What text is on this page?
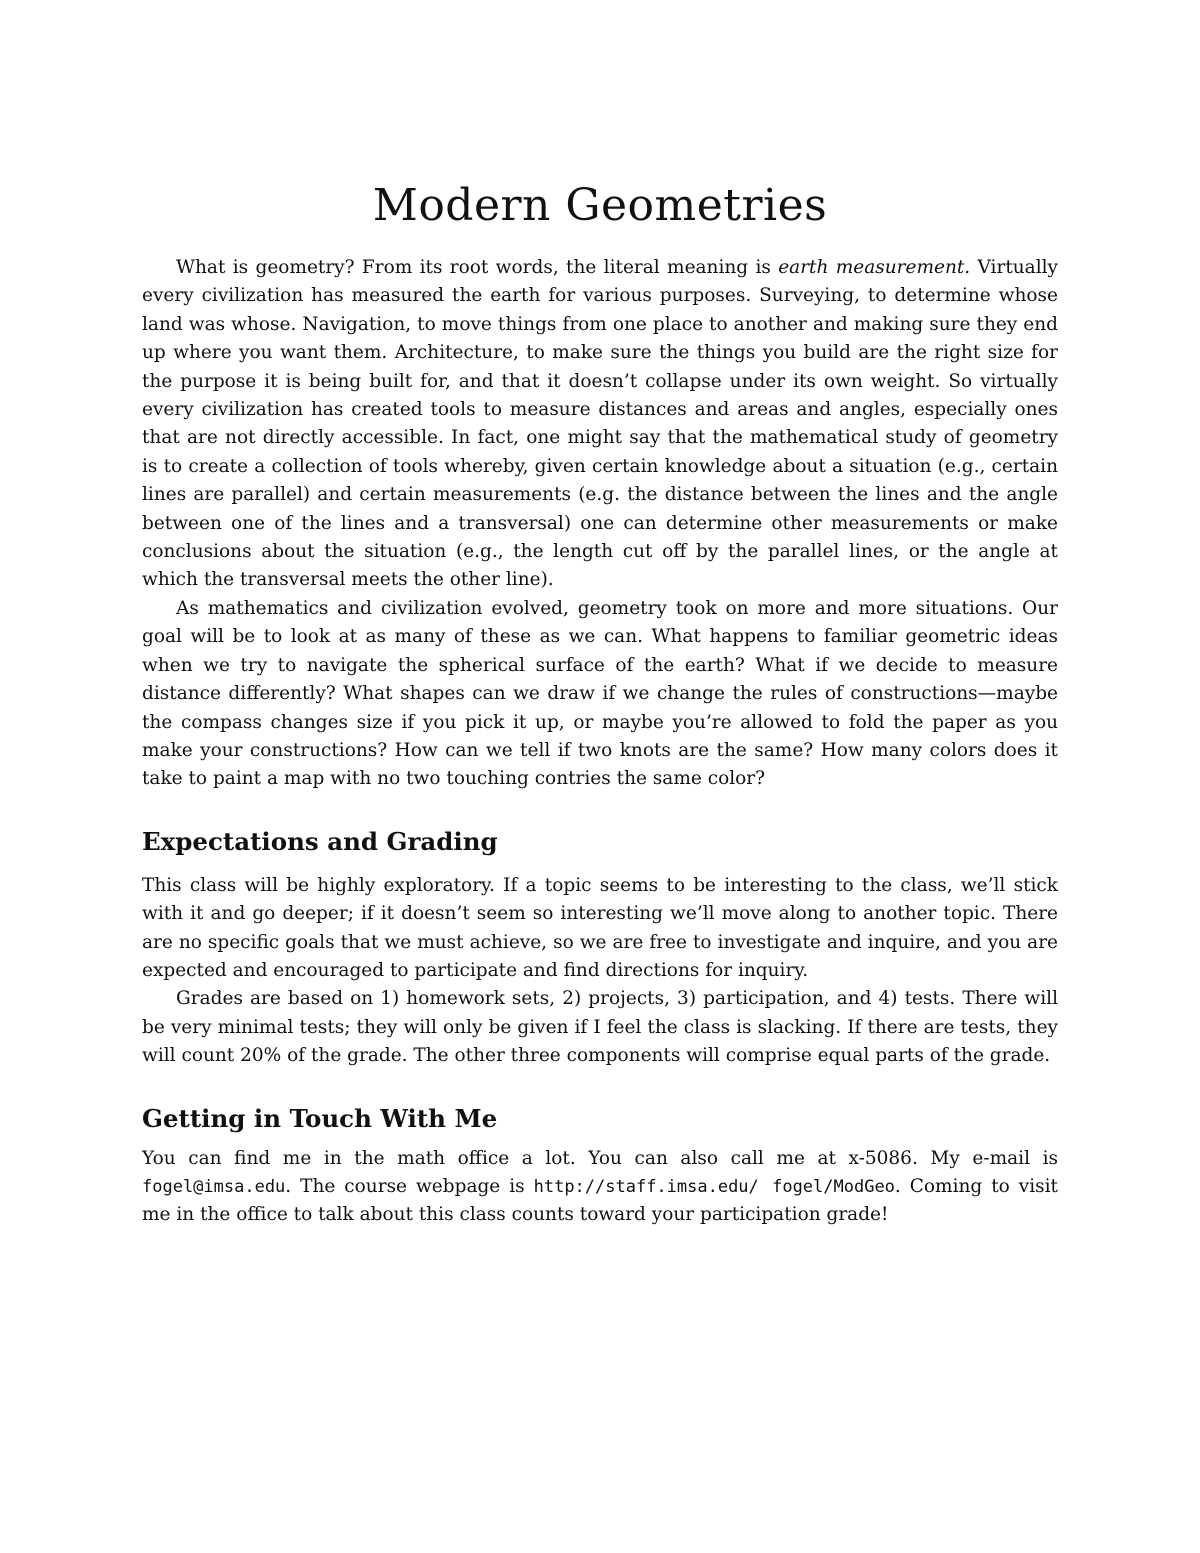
Modern Geometries

What is geometry? From its root words, the literal meaning is earth measurement. Virtually every civilization has measured the earth for various purposes. Surveying, to determine whose land was whose. Navigation, to move things from one place to another and making sure they end up where you want them. Architecture, to make sure the things you build are the right size for the purpose it is being built for, and that it doesn’t collapse under its own weight. So virtually every civilization has created tools to measure distances and areas and angles, especially ones that are not directly accessible. In fact, one might say that the mathematical study of geometry is to create a collection of tools whereby, given certain knowledge about a situation (e.g., certain lines are parallel) and certain measurements (e.g. the distance between the lines and the angle between one of the lines and a transversal) one can determine other measurements or make conclusions about the situation (e.g., the length cut off by the parallel lines, or the angle at which the transversal meets the other line).

As mathematics and civilization evolved, geometry took on more and more situations. Our goal will be to look at as many of these as we can. What happens to familiar geometric ideas when we try to navigate the spherical surface of the earth? What if we decide to measure distance differently? What shapes can we draw if we change the rules of constructions—maybe the compass changes size if you pick it up, or maybe you’re allowed to fold the paper as you make your constructions? How can we tell if two knots are the same? How many colors does it take to paint a map with no two touching contries the same color?

Expectations and Grading

This class will be highly exploratory. If a topic seems to be interesting to the class, we’ll stick with it and go deeper; if it doesn’t seem so interesting we’ll move along to another topic. There are no specific goals that we must achieve, so we are free to investigate and inquire, and you are expected and encouraged to participate and find directions for inquiry.

Grades are based on 1) homework sets, 2) projects, 3) participation, and 4) tests. There will be very minimal tests; they will only be given if I feel the class is slacking. If there are tests, they will count 20% of the grade. The other three components will comprise equal parts of the grade.

Getting in Touch With Me

You can find me in the math office a lot. You can also call me at x-5086. My e-mail is fogel@imsa.edu. The course webpage is http://staff.imsa.edu/ fogel/ModGeo. Coming to visit me in the office to talk about this class counts toward your participation grade!
